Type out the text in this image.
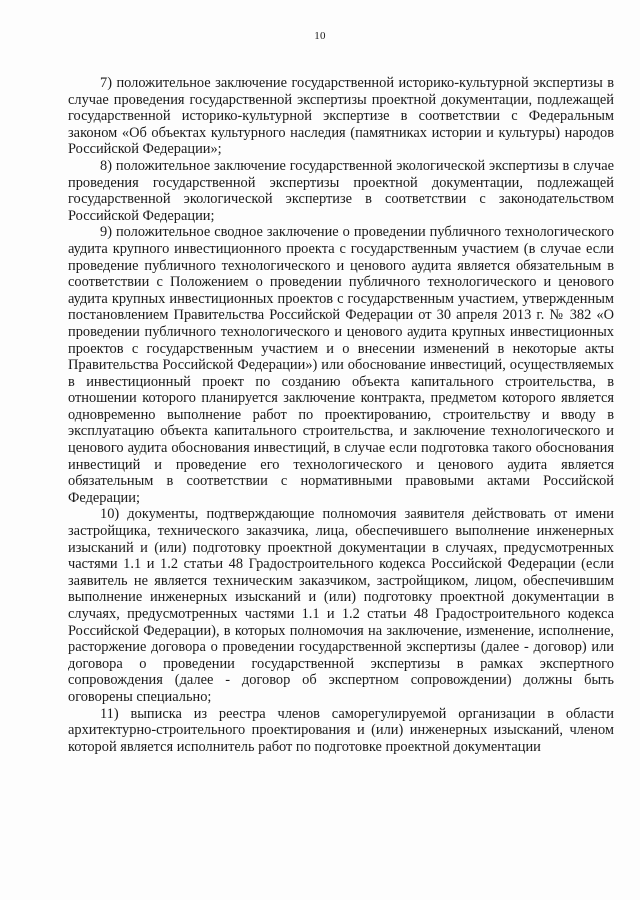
10

7) положительное заключение государственной историко-культурной экспертизы в случае проведения государственной экспертизы проектной документации, подлежащей государственной историко-культурной экспертизе в соответствии с Федеральным законом «Об объектах культурного наследия (памятниках истории и культуры) народов Российской Федерации»;

8) положительное заключение государственной экологической экспертизы в случае проведения государственной экспертизы проектной документации, подлежащей государственной экологической экспертизе в соответствии с законодательством Российской Федерации;

9) положительное сводное заключение о проведении публичного технологического аудита крупного инвестиционного проекта с государственным участием (в случае если проведение публичного технологического и ценового аудита является обязательным в соответствии с Положением о проведении публичного технологического и ценового аудита крупных инвестиционных проектов с государственным участием, утвержденным постановлением Правительства Российской Федерации от 30 апреля 2013 г. № 382 «О проведении публичного технологического и ценового аудита крупных инвестиционных проектов с государственным участием и о внесении изменений в некоторые акты Правительства Российской Федерации») или обоснование инвестиций, осуществляемых в инвестиционный проект по созданию объекта капитального строительства, в отношении которого планируется заключение контракта, предметом которого является одновременно выполнение работ по проектированию, строительству и вводу в эксплуатацию объекта капитального строительства, и заключение технологического и ценового аудита обоснования инвестиций, в случае если подготовка такого обоснования инвестиций и проведение его технологического и ценового аудита является обязательным в соответствии с нормативными правовыми актами Российской Федерации;

10) документы, подтверждающие полномочия заявителя действовать от имени застройщика, технического заказчика, лица, обеспечившего выполнение инженерных изысканий и (или) подготовку проектной документации в случаях, предусмотренных частями 1.1 и 1.2 статьи 48 Градостроительного кодекса Российской Федерации (если заявитель не является техническим заказчиком, застройщиком, лицом, обеспечившим выполнение инженерных изысканий и (или) подготовку проектной документации в случаях, предусмотренных частями 1.1 и 1.2 статьи 48 Градостроительного кодекса Российской Федерации), в которых полномочия на заключение, изменение, исполнение, расторжение договора о проведении государственной экспертизы (далее - договор) или договора о проведении государственной экспертизы в рамках экспертного сопровождения (далее - договор об экспертном сопровождении) должны быть оговорены специально;

11) выписка из реестра членов саморегулируемой организации в области архитектурно-строительного проектирования и (или) инженерных изысканий, членом которой является исполнитель работ по подготовке проектной документации
